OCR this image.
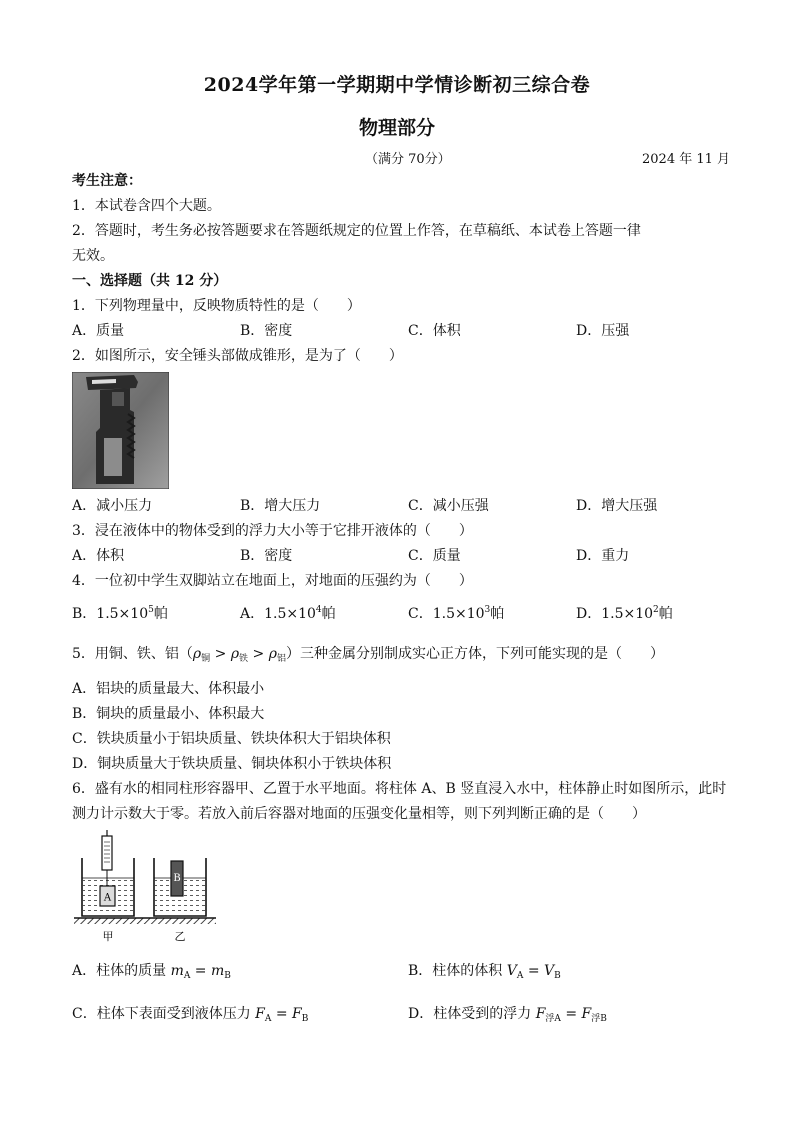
2024学年第一学期期中学情诊断初三综合卷
物理部分
（满分 70分）	2024 年 11 月
考生注意：
1．本试卷含四个大题。
2．答题时，考生务必按答题要求在答题纸规定的位置上作答，在草稿纸、本试卷上答题一律
无效。
一、选择题（共 12 分）
1．下列物理量中，反映物质特性的是（　　）
A．质量	B．密度	C．体积	D．压强
2．如图所示，安全锤头部做成锥形，是为了（　　）
A．减小压力	B．增大压力	C．减小压强	D．增大压强
3．浸在液体中的物体受到的浮力大小等于它排开液体的（　　）
A．体积	B．密度	C．质量	D．重力
4．一位初中学生双脚站立在地面上，对地面的压强约为（　　）
B．$1.5\times 10^5$帕	A．$1.5\times 10^4$帕	C．$1.5\times 10^3$帕	D．$1.5\times 10^2$帕
5．用铜、铁、铝$(\rho_铜 > \rho_铁 > \rho_铝)$三种金属分别制成实心正方体，下列可能实现的是（　　）
A．铝块的质量最大、体积最小
B．铜块的质量最小、体积最大
C．铁块质量小于铝块质量、铁块体积大于铝块体积
D．铜块质量大于铁块质量、铜块体积小于铁块体积
6．盛有水的相同柱形容器甲、乙置于水平地面。将柱体 A、B 竖直浸入水中，柱体静止时如图所示，此时
测力计示数大于零。若放入前后容器对地面的压强变化量相等，则下列判断正确的是（　　）
A
B
甲	乙
A．柱体的质量 $m_A = m_B$	B．柱体的体积 $V_A = V_B$
C．柱体下表面受到液体压力 $F_A = F_B$	D．柱体受到的浮力 $F_{浮A} = F_{浮B}$
